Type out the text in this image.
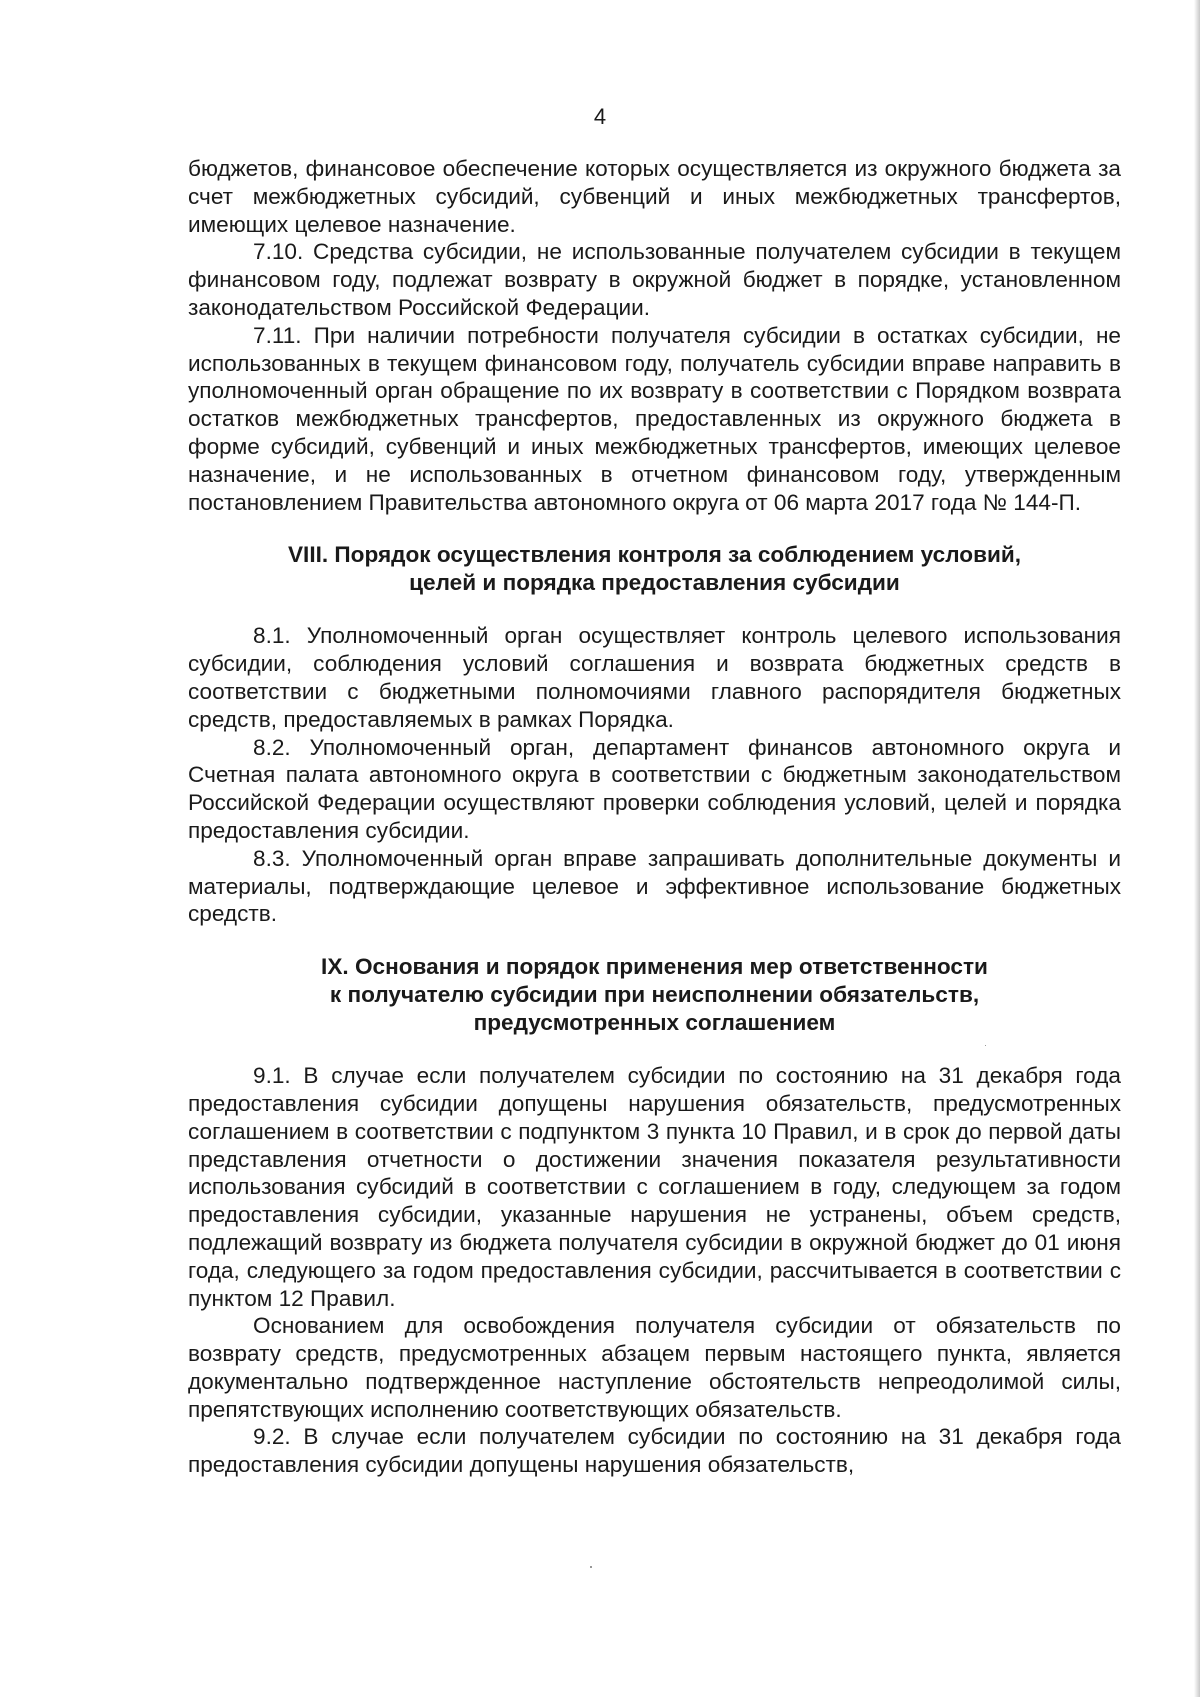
4

бюджетов, финансовое обеспечение которых осуществляется из окружного бюджета за счет межбюджетных субсидий, субвенций и иных межбюджетных трансфертов, имеющих целевое назначение.

7.10. Средства субсидии, не использованные получателем субсидии в текущем финансовом году, подлежат возврату в окружной бюджет в порядке, установленном законодательством Российской Федерации.

7.11. При наличии потребности получателя субсидии в остатках субсидии, не использованных в текущем финансовом году, получатель субсидии вправе направить в уполномоченный орган обращение по их возврату в соответствии с Порядком возврата остатков межбюджетных трансфертов, предоставленных из окружного бюджета в форме субсидий, субвенций и иных межбюджетных трансфертов, имеющих целевое назначение, и не использованных в отчетном финансовом году, утвержденным постановлением Правительства автономного округа от 06 марта 2017 года № 144-П.

VIII. Порядок осуществления контроля за соблюдением условий,
целей и порядка предоставления субсидии

8.1. Уполномоченный орган осуществляет контроль целевого использования субсидии, соблюдения условий соглашения и возврата бюджетных средств в соответствии с бюджетными полномочиями главного распорядителя бюджетных средств, предоставляемых в рамках Порядка.

8.2. Уполномоченный орган, департамент финансов автономного округа и Счетная палата автономного округа в соответствии с бюджетным законодательством Российской Федерации осуществляют проверки соблюдения условий, целей и порядка предоставления субсидии.

8.3. Уполномоченный орган вправе запрашивать дополнительные документы и материалы, подтверждающие целевое и эффективное использование бюджетных средств.

IX. Основания и порядок применения мер ответственности
к получателю субсидии при неисполнении обязательств,
предусмотренных соглашением

9.1. В случае если получателем субсидии по состоянию на 31 декабря года предоставления субсидии допущены нарушения обязательств, предусмотренных соглашением в соответствии с подпунктом 3 пункта 10 Правил, и в срок до первой даты представления отчетности о достижении значения показателя результативности использования субсидий в соответствии с соглашением в году, следующем за годом предоставления субсидии, указанные нарушения не устранены, объем средств, подлежащий возврату из бюджета получателя субсидии в окружной бюджет до 01 июня года, следующего за годом предоставления субсидии, рассчитывается в соответствии с пунктом 12 Правил.

Основанием для освобождения получателя субсидии от обязательств по возврату средств, предусмотренных абзацем первым настоящего пункта, является документально подтвержденное наступление обстоятельств непреодолимой силы, препятствующих исполнению соответствующих обязательств.

9.2. В случае если получателем субсидии по состоянию на 31 декабря года предоставления субсидии допущены нарушения обязательств,
